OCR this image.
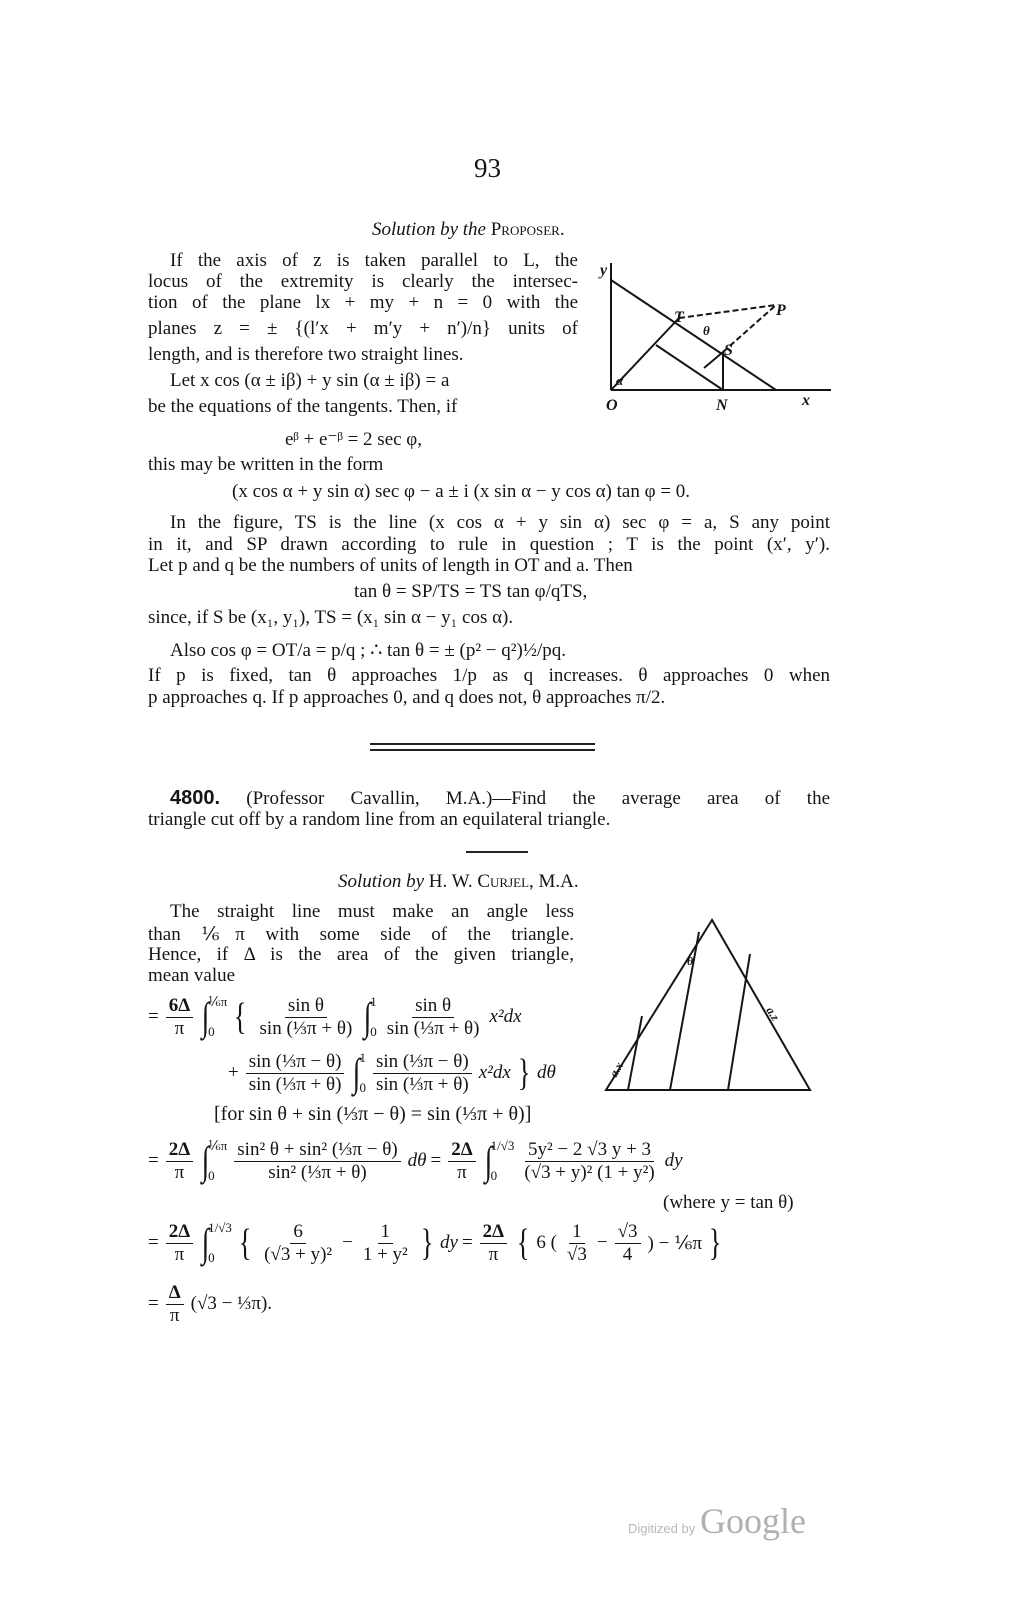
93
Solution by the Proposer.
If the axis of z is taken parallel to L, the
locus of the extremity is clearly the intersec-
tion of the plane lx + my + n = 0 with the
planes z = ± {(l′x + m′y + n′)/n} units of
length, and is therefore two straight lines.
Let x cos (α ± iβ) + y sin (α ± iβ) = a
be the equations of the tangents. Then, if
y
x
O	N
T	P
S
θ
α
eᵝ + e⁻ᵝ = 2 sec φ,
this may be written in the form
(x cos α + y sin α) sec φ − a ± i (x sin α − y cos α) tan φ = 0.
In the figure, TS is the line (x cos α + y sin α) sec φ = a, S any point
in it, and SP drawn according to rule in question ; T is the point (x′, y′).
Let p and q be the numbers of units of length in OT and a. Then
tan θ = SP/TS = TS tan φ/qTS,
since, if S be (x₁, y₁), TS = (x₁ sin α − y₁ cos α).
Also cos φ = OT/a = p/q ; ∴ tan θ = ± (p² − q²)½/pq.
If p is fixed, tan θ approaches 1/p as q increases. θ approaches 0 when
p approaches q. If p approaches 0, and q does not, θ approaches π/2.
4800. (Professor Cavallin, M.A.)—Find the average area of the
triangle cut off by a random line from an equilateral triangle.
Solution by H. W. Curjel, M.A.
The straight line must make an angle less
than ⅙π with some side of the triangle.
Hence, if Δ is the area of the given triangle,
mean value
θ
a.x
a.z
= $\frac{6\Delta}{\pi}$ ∫
⅙π
0 { $\frac{\text{sin θ}}{\text{sin (⅓π + θ)}}$ ∫
1
$0 \frac{\text{sin θ}}{\text{sin (⅓π + θ)}} x^2dx$
+ $\frac{\text{sin (⅓π − θ)}}{\text{sin (⅓π + θ)}}$ ∫
1
$0 \frac{\text{sin (⅓π − θ)}}{\text{sin (⅓π + θ)}} x^2dx$ } dθ
[for sin θ + sin (⅓π − θ) = sin (⅓π + θ)]
= $\frac{2\Delta}{\pi}$ ∫
⅙π
0	$\frac{\text{sin² θ + sin² (⅓π − θ)}}{\text{sin² (⅓π + θ)}}$ $d\theta = \frac{2\Delta}{\pi}$ ∫
1/√3
0	$\frac{\text{5y² − 2 √3 y + 3}}{\text{(√3 + y)² (1 + y²)}}$ dy
(where y = tan θ)
= $\frac{2\Delta}{\pi}$ ∫
1/√3
0 { $\frac{6}{\text{(√3 + y)²}} - \frac{1}{\text{1 + y²}}$ } dy = $\frac{2\Delta}{\pi}$ { 6 ( $\frac{1}{√3} - \frac{√3}{4}$ ) − ⅙π }
= $\frac{\Delta}{\pi} (√3$ − ⅓π).
Digitized by Google
